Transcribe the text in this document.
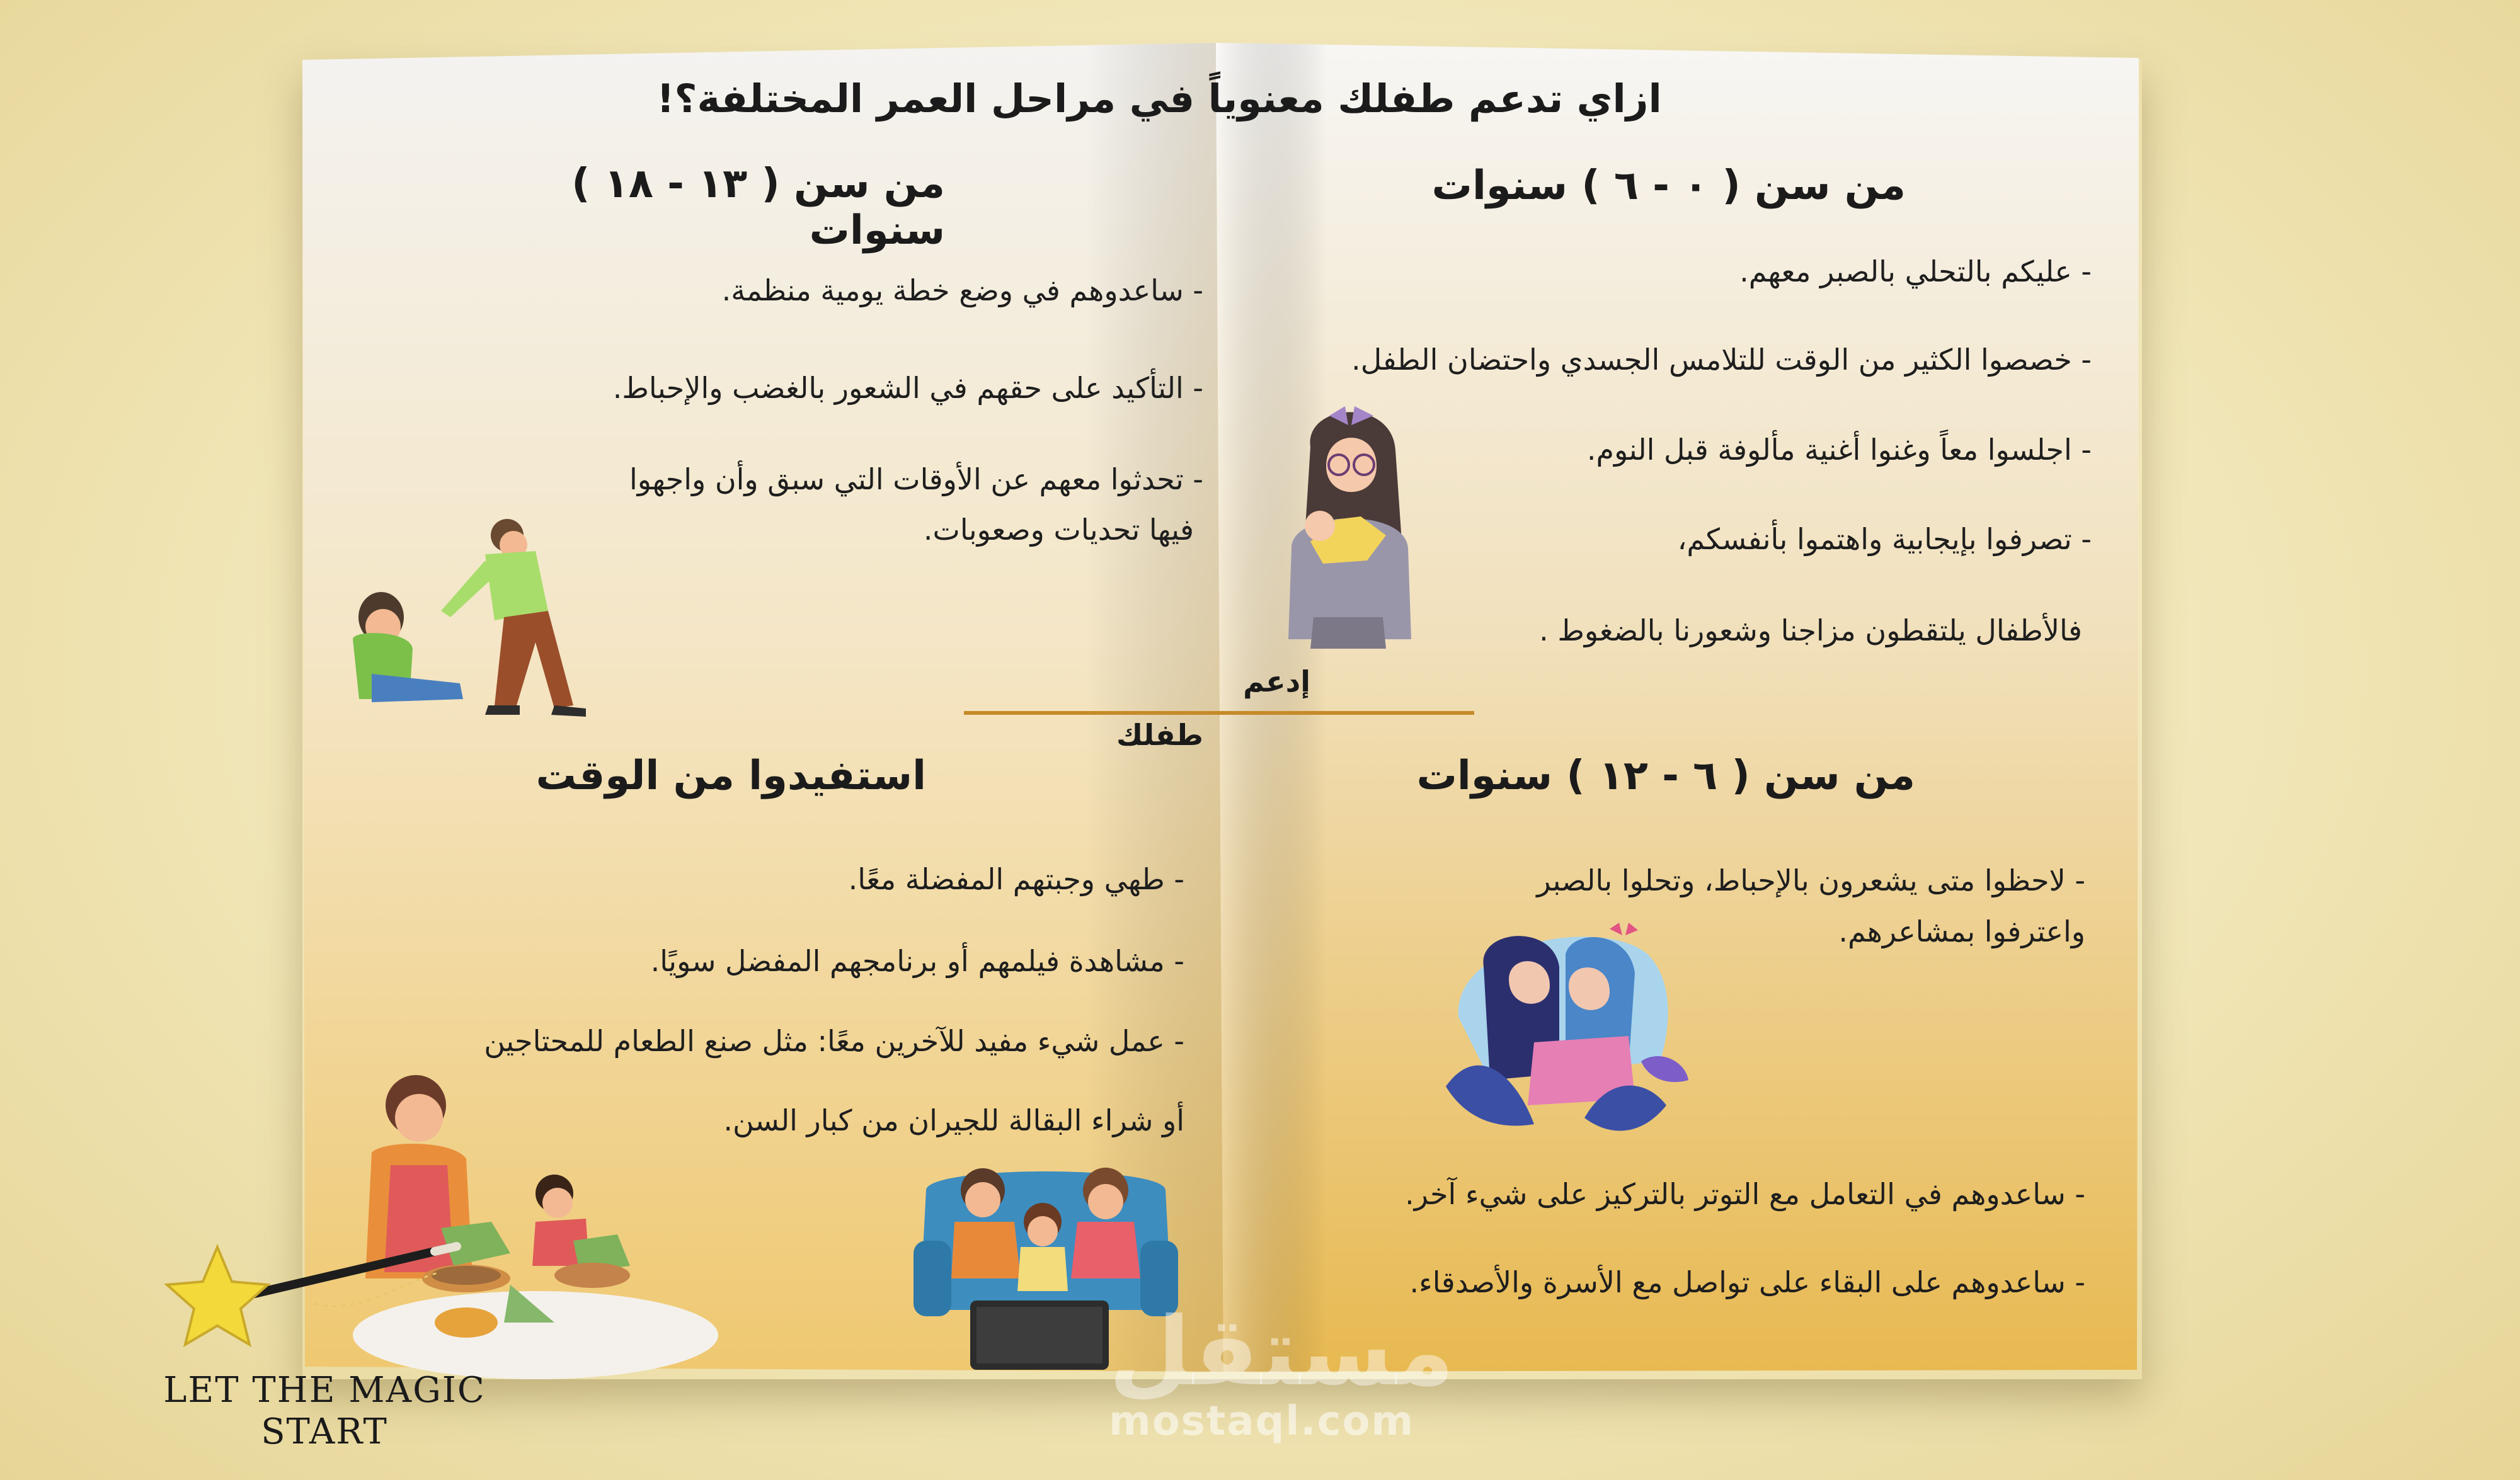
ازاي تدعم طفلك معنوياً في مراحل العمر المختلفة؟!
من سن ( ٠ - ٦ ) سنوات
- عليكم بالتحلي بالصبر معهم.
- خصصوا الكثير من الوقت للتلامس الجسدي واحتضان الطفل.
- اجلسوا معاً وغنوا أغنية مألوفة قبل النوم.
- تصرفوا بإيجابية واهتموا بأنفسكم،
فالأطفال يلتقطون مزاجنا وشعورنا بالضغوط .
من سن ( ١٣ - ١٨ ) سنوات
- ساعدوهم في وضع خطة يومية منظمة.
- التأكيد على حقهم في الشعور بالغضب والإحباط.
- تحدثوا معهم عن الأوقات التي سبق وأن واجهوا
فيها تحديات وصعوبات.
إدعم
طفلك
من سن ( ٦ - ١٢ ) سنوات
- لاحظوا متى يشعرون بالإحباط، وتحلوا بالصبر
واعترفوا بمشاعرهم.
- ساعدوهم في التعامل مع التوتر بالتركيز على شيء آخر.
- ساعدوهم على البقاء على تواصل مع الأسرة والأصدقاء.
استفيدوا من الوقت
- طهي وجبتهم المفضلة معًا.
- مشاهدة فيلمهم أو برنامجهم المفضل سويًا.
- عمل شيء مفيد للآخرين معًا: مثل صنع الطعام للمحتاجين
أو شراء البقالة للجيران من كبار السن.
LET THE MAGIC
START
مستقل
mostaql.com
